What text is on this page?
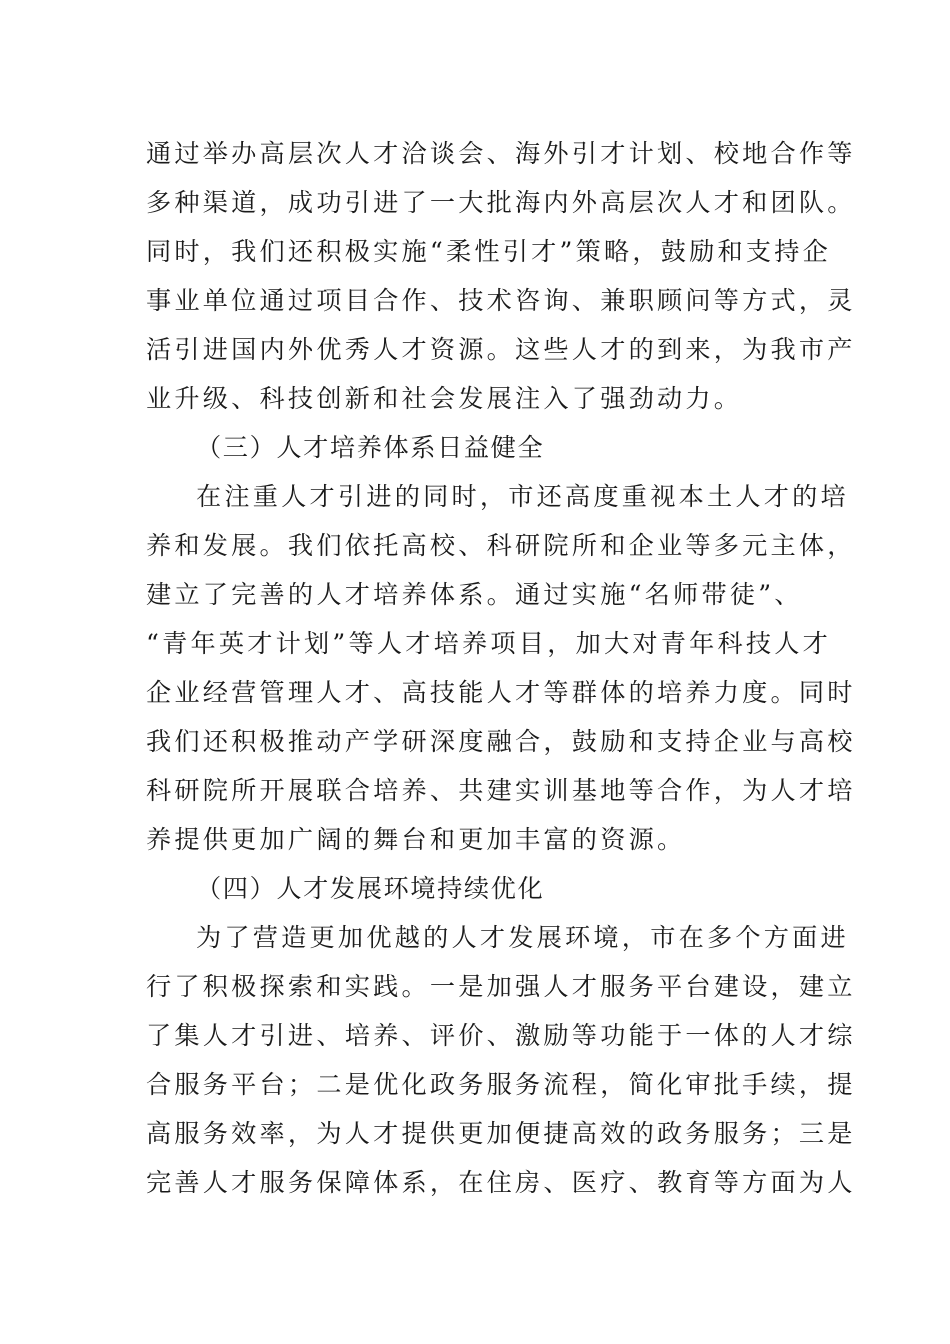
通过举办高层次人才洽谈会、海外引才计划、校地合作等
多种渠道，成功引进了一大批海内外高层次人才和团队。
同时，我们还积极实施“柔性引才”策略，鼓励和支持企
事业单位通过项目合作、技术咨询、兼职顾问等方式，灵
活引进国内外优秀人才资源。这些人才的到来，为我市产
业升级、科技创新和社会发展注入了强劲动力。
（三）人才培养体系日益健全
在注重人才引进的同时，市还高度重视本土人才的培
养和发展。我们依托高校、科研院所和企业等多元主体，
建立了完善的人才培养体系。通过实施“名师带徒”、
“青年英才计划”等人才培养项目，加大对青年科技人才
企业经营管理人才、高技能人才等群体的培养力度。同时
我们还积极推动产学研深度融合，鼓励和支持企业与高校
科研院所开展联合培养、共建实训基地等合作，为人才培
养提供更加广阔的舞台和更加丰富的资源。
（四）人才发展环境持续优化
为了营造更加优越的人才发展环境，市在多个方面进
行了积极探索和实践。一是加强人才服务平台建设，建立
了集人才引进、培养、评价、激励等功能于一体的人才综
合服务平台；二是优化政务服务流程，简化审批手续，提
高服务效率，为人才提供更加便捷高效的政务服务；三是
完善人才服务保障体系，在住房、医疗、教育等方面为人
